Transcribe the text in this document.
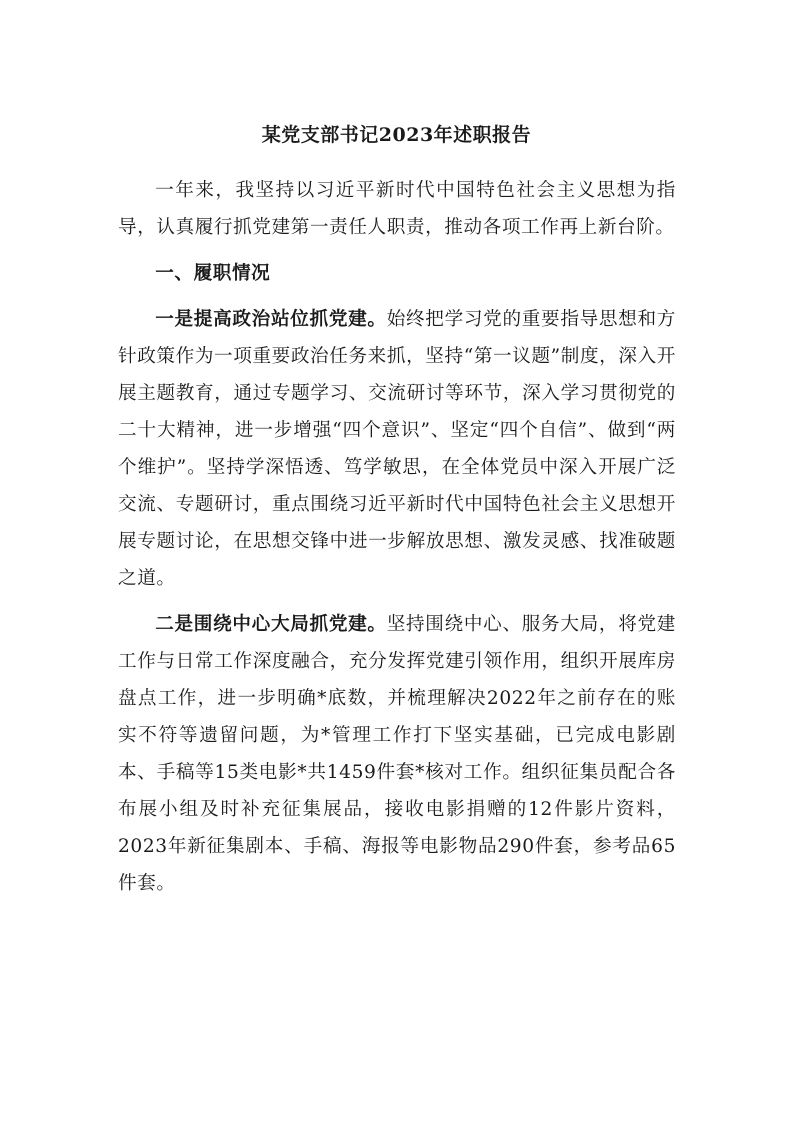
某党支部书记2023年述职报告

一年来，我坚持以习近平新时代中国特色社会主义思想为指导，认真履行抓党建第一责任人职责，推动各项工作再上新台阶。

一、履职情况

一是提高政治站位抓党建。始终把学习党的重要指导思想和方针政策作为一项重要政治任务来抓，坚持“第一议题”制度，深入开展主题教育，通过专题学习、交流研讨等环节，深入学习贯彻党的二十大精神，进一步增强“四个意识”、坚定“四个自信”、做到“两个维护”。坚持学深悟透、笃学敏思，在全体党员中深入开展广泛交流、专题研讨，重点围绕习近平新时代中国特色社会主义思想开展专题讨论，在思想交锋中进一步解放思想、激发灵感、找准破题之道。

二是围绕中心大局抓党建。坚持围绕中心、服务大局，将党建工作与日常工作深度融合，充分发挥党建引领作用，组织开展库房盘点工作，进一步明确*底数，并梳理解决2022年之前存在的账实不符等遗留问题，为*管理工作打下坚实基础，已完成电影剧本、手稿等15类电影*共1459件套*核对工作。组织征集员配合各布展小组及时补充征集展品，接收电影捐赠的12件影片资料，2023年新征集剧本、手稿、海报等电影物品290件套，参考品65件套。
